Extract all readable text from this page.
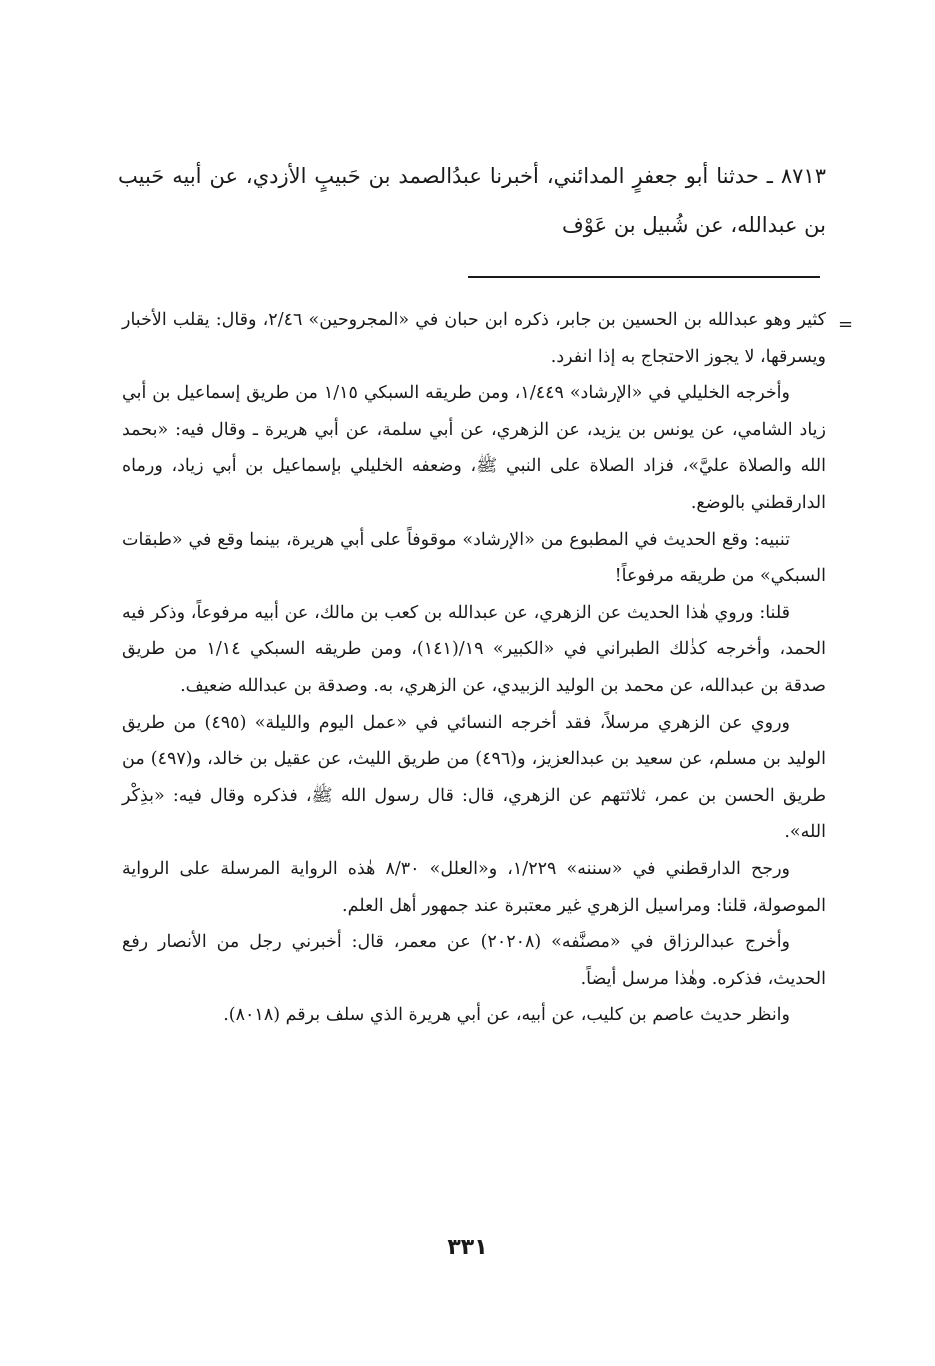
٨٧١٣ ـ حدثنا أبو جعفرٍ المدائني، أخبرنا عبدُالصمد بن حَبيبٍ الأزدي، عن أبيه حَبيب بن عبدالله، عن شُبيل بن عَوْف

=

كثير وهو عبدالله بن الحسين بن جابر، ذكره ابن حبان في «المجروحين» ٢/٤٦، وقال: يقلب الأخبار ويسرقها، لا يجوز الاحتجاج به إذا انفرد.

وأخرجه الخليلي في «الإرشاد» ١/٤٤٩، ومن طريقه السبكي ١/١٥ من طريق إسماعيل بن أبي زياد الشامي، عن يونس بن يزيد، عن الزهري، عن أبي سلمة، عن أبي هريرة ـ وقال فيه: «بحمد الله والصلاة عليَّ»، فزاد الصلاة على النبي ﷺ، وضعفه الخليلي بإسماعيل بن أبي زياد، ورماه الدارقطني بالوضع.

تنبيه: وقع الحديث في المطبوع من «الإرشاد» موقوفاً على أبي هريرة، بينما وقع في «طبقات السبكي» من طريقه مرفوعاً!

قلنا: وروي هٰذا الحديث عن الزهري، عن عبدالله بن كعب بن مالك، عن أبيه مرفوعاً، وذكر فيه الحمد، وأخرجه كذٰلك الطبراني في «الكبير» ١٩/(١٤١)، ومن طريقه السبكي ١/١٤ من طريق صدقة بن عبدالله، عن محمد بن الوليد الزبيدي، عن الزهري، به. وصدقة بن عبدالله ضعيف.

وروي عن الزهري مرسلاً، فقد أخرجه النسائي في «عمل اليوم والليلة» (٤٩٥) من طريق الوليد بن مسلم، عن سعيد بن عبدالعزيز، و(٤٩٦) من طريق الليث، عن عقيل بن خالد، و(٤٩٧) من طريق الحسن بن عمر، ثلاثتهم عن الزهري، قال: قال رسول الله ﷺ، فذكره وقال فيه: «بذِكْر الله».

ورجح الدارقطني في «سننه» ١/٢٢٩، و«العلل» ٨/٣٠ هٰذه الرواية المرسلة على الرواية الموصولة، قلنا: ومراسيل الزهري غير معتبرة عند جمهور أهل العلم.

وأخرج عبدالرزاق في «مصنَّفه» (٢٠٢٠٨) عن معمر، قال: أخبرني رجل من الأنصار رفع الحديث، فذكره. وهٰذا مرسل أيضاً.

وانظر حديث عاصم بن كليب، عن أبيه، عن أبي هريرة الذي سلف برقم (٨٠١٨).

٣٣١
